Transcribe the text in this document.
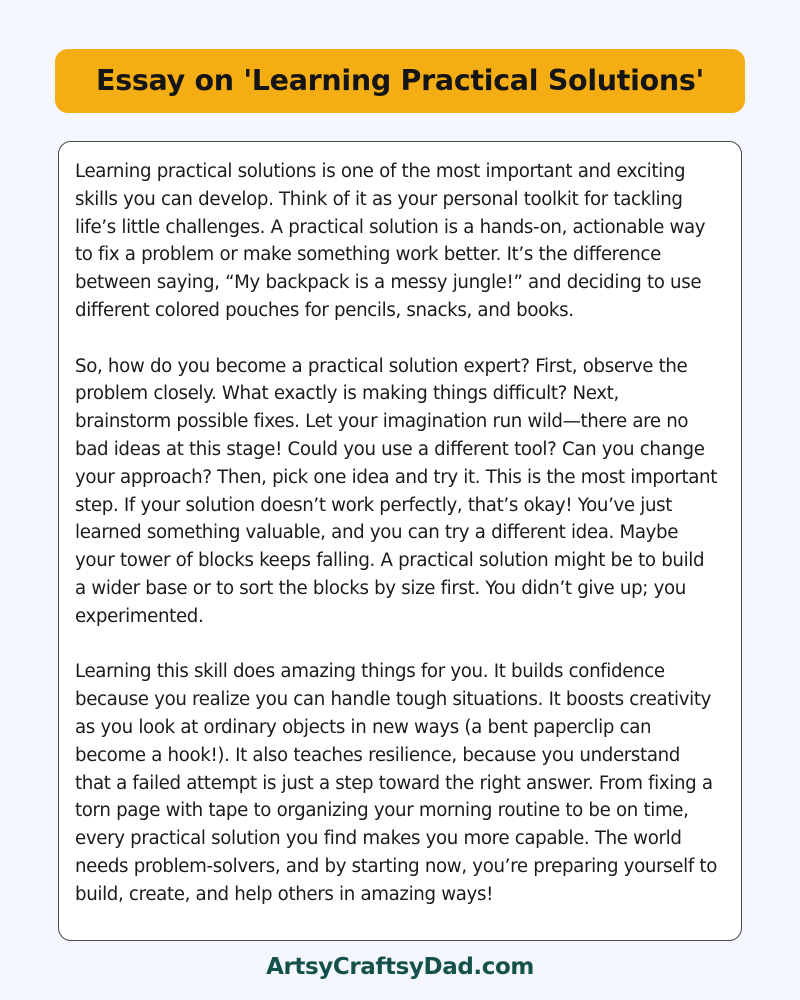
Essay on 'Learning Practical Solutions'

Learning practical solutions is one of the most important and exciting skills you can develop. Think of it as your personal toolkit for tackling life’s little challenges. A practical solution is a hands-on, actionable way to fix a problem or make something work better. It’s the difference between saying, “My backpack is a messy jungle!” and deciding to use different colored pouches for pencils, snacks, and books.

So, how do you become a practical solution expert? First, observe the problem closely. What exactly is making things difficult? Next, brainstorm possible fixes. Let your imagination run wild—there are no bad ideas at this stage! Could you use a different tool? Can you change your approach? Then, pick one idea and try it. This is the most important step. If your solution doesn’t work perfectly, that’s okay! You’ve just learned something valuable, and you can try a different idea. Maybe your tower of blocks keeps falling. A practical solution might be to build a wider base or to sort the blocks by size first. You didn’t give up; you experimented.

Learning this skill does amazing things for you. It builds confidence because you realize you can handle tough situations. It boosts creativity as you look at ordinary objects in new ways (a bent paperclip can become a hook!). It also teaches resilience, because you understand that a failed attempt is just a step toward the right answer. From fixing a torn page with tape to organizing your morning routine to be on time, every practical solution you find makes you more capable. The world needs problem-solvers, and by starting now, you’re preparing yourself to build, create, and help others in amazing ways!

ArtsyCraftsyDad.com
